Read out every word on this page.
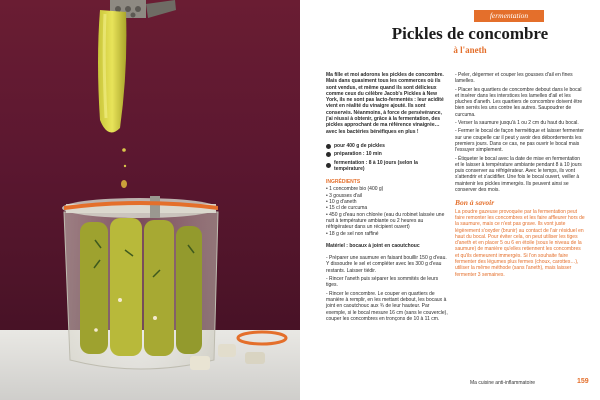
fermentation
Pickles de concombre
à l'aneth

Ma fille et moi adorons les pickles de concombre. Mais dans quasiment tous les commerces où ils sont vendus, et même quand ils sont délicieux comme ceux du célèbre Jacob's Pickles à New York, ils ne sont pas lacto-fermentés : leur acidité vient en réalité du vinaigre ajouté. Ils sont conservés. Néanmoins, à force de persévérance, j'ai réussi à obtenir, grâce à la fermentation, des pickles approchant de ma référence vinaigrée… avec les bactéries bénéfiques en plus !

pour 400 g de pickles
préparation : 10 min
fermentation : 8 à 10 jours (selon la température)
INGRÉDIENTS
• 1 concombre bio (400 g)
• 3 gousses d'ail
• 10 g d'aneth
• 15 cl de curcuma
• 450 g d'eau non chlorée (eau du robinet laissée une nuit à température ambiante ou 2 heures au réfrigérateur dans un récipient ouvert)
• 18 g de sel non raffiné

Matériel : bocaux à joint en caoutchouc

- Préparer une saumure en faisant bouillir 150 g d'eau. Y dissoudre le sel et compléter avec les 300 g d'eau restants. Laisser tiédir.
- Rincer l'aneth puis séparer les sommités de leurs tiges.
- Rincer le concombre. Le couper en quartiers de manière à remplir, en les mettant debout, les bocaux à joint en caoutchouc aux ¾ de leur hauteur. Par exemple, si le bocal mesure 16 cm (sans le couvercle), couper les concombres en tronçons de 10 à 11 cm.
- Peler, dégermer et couper les gousses d'ail en fines lamelles.
- Placer les quartiers de concombre debout dans le bocal et insérer dans les interstices les lamelles d'ail et les pluches d'aneth. Les quartiers de concombre doivent être bien serrés les uns contre les autres. Saupoudrer de curcuma.
- Verser la saumure jusqu'à 1 ou 2 cm du haut du bocal.
- Fermer le bocal de façon hermétique et laisser fermenter sur une coupelle car il peut y avoir des débordements les premiers jours. Dans ce cas, ne pas ouvrir le bocal mais l'essuyer simplement.
- Étiqueter le bocal avec la date de mise en fermentation et le laisser à température ambiante pendant 8 à 10 jours puis conserver au réfrigérateur. Avec le temps, ils vont s'attendrir et s'acidifier. Une fois le bocal ouvert, veiller à maintenir les pickles immergés. Ils peuvent ainsi se conserver des mois.
Bon à savoir

La poudre gazeuse provoquée par la fermentation peut faire remonter les concombres et les faire affleurer hors de la saumure, mais ce n'est pas grave. Ils vont juste légèrement s'oxyder (brunir) au contact de l'air résiduel en haut du bocal. Pour éviter cela, on peut utiliser les tiges d'aneth et en placer 5 ou 6 en étoile (sous le niveau de la saumure) de manière qu'elles retiennent les concombres et qu'ils demeurent immergés. Si l'on souhaite faire fermenter des légumes plus fermes (choux, carottes…), utiliser la même méthode (sans l'aneth), mais laisser fermenter 3 semaines.

Ma cuisine anti-inflammatoire	159
